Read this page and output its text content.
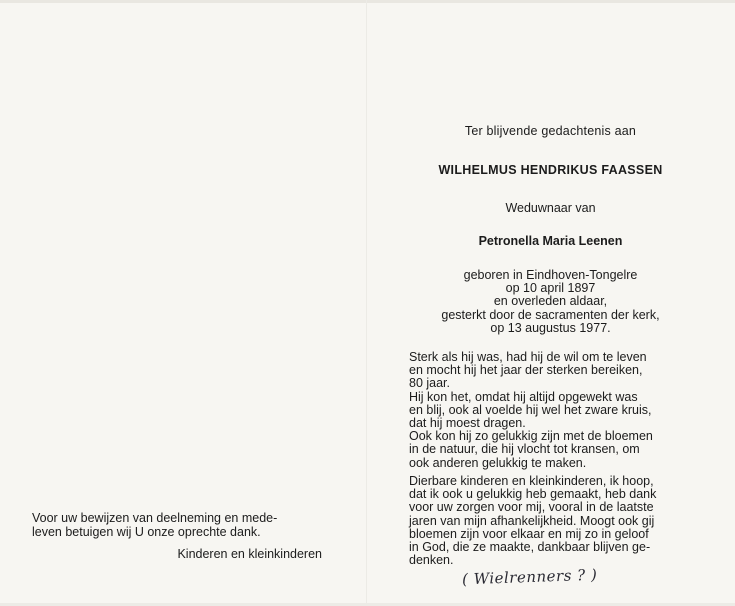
Ter blijvende gedachtenis aan
WILHELMUS HENDRIKUS FAASSEN
Weduwnaar van
Petronella Maria Leenen
geboren in Eindhoven-Tongelre
op 10 april 1897
en overleden aldaar,
gesterkt door de sacramenten der kerk,
op 13 augustus 1977.
Sterk als hij was, had hij de wil om te leven
en mocht hij het jaar der sterken bereiken,
80 jaar.
Hij kon het, omdat hij altijd opgewekt was
en blij, ook al voelde hij wel het zware kruis,
dat hij moest dragen.
Ook kon hij zo gelukkig zijn met de bloemen
in de natuur, die hij vlocht tot kransen, om
ook anderen gelukkig te maken.
Dierbare kinderen en kleinkinderen, ik hoop,
dat ik ook u gelukkig heb gemaakt, heb dank
voor uw zorgen voor mij, vooral in de laatste
jaren van mijn afhankelijkheid. Moogt ook gij
bloemen zijn voor elkaar en mij zo in geloof
in God, die ze maakte, dankbaar blijven ge-
denken.
( Wielrenners ? )
Voor uw bewijzen van deelneming en mede-
leven betuigen wij U onze oprechte dank.
Kinderen en kleinkinderen
